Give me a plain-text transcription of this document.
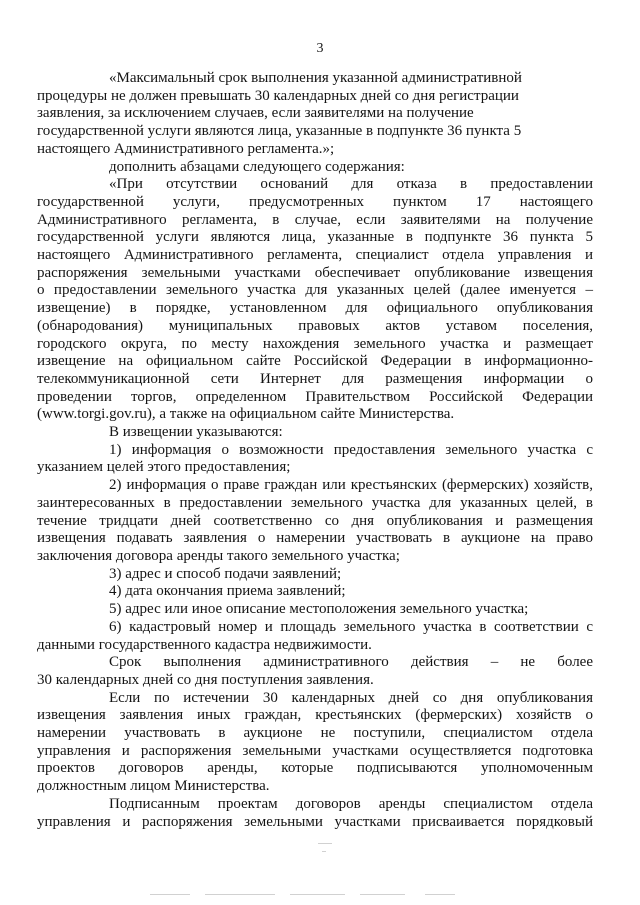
3

«Максимальный срок выполнения указанной административной
процедуры не должен превышать 30 календарных дней со дня регистрации
заявления, за исключением случаев, если заявителями на получение
государственной услуги являются лица, указанные в подпункте 36 пункта 5
настоящего Административного регламента.»;

дополнить абзацами следующего содержания:

«При отсутствии оснований для отказа в предоставлении
государственной услуги, предусмотренных пунктом 17 настоящего
Административного регламента, в случае, если заявителями на получение
государственной услуги являются лица, указанные в подпункте 36 пункта 5
настоящего Административного регламента, специалист отдела управления и
распоряжения земельными участками обеспечивает опубликование извещения
о предоставлении земельного участка для указанных целей (далее именуется –
извещение) в порядке, установленном для официального опубликования
(обнародования) муниципальных правовых актов уставом поселения,
городского округа, по месту нахождения земельного участка и размещает
извещение на официальном сайте Российской Федерации в информационно-
телекоммуникационной сети Интернет для размещения информации о
проведении торгов, определенном Правительством Российской Федерации
(www.torgi.gov.ru), а также на официальном сайте Министерства.

В извещении указываются:

1) информация о возможности предоставления земельного участка с
указанием целей этого предоставления;

2) информация о праве граждан или крестьянских (фермерских) хозяйств,
заинтересованных в предоставлении земельного участка для указанных целей, в
течение тридцати дней соответственно со дня опубликования и размещения
извещения подавать заявления о намерении участвовать в аукционе на право
заключения договора аренды такого земельного участка;

3) адрес и способ подачи заявлений;

4) дата окончания приема заявлений;

5) адрес или иное описание местоположения земельного участка;

6) кадастровый номер и площадь земельного участка в соответствии с
данными государственного кадастра недвижимости.

Срок выполнения административного действия – не более
30 календарных дней со дня поступления заявления.

Если по истечении 30 календарных дней со дня опубликования
извещения заявления иных граждан, крестьянских (фермерских) хозяйств о
намерении участвовать в аукционе не поступили, специалистом отдела
управления и распоряжения земельными участками осуществляется подготовка
проектов договоров аренды, которые подписываются уполномоченным
должностным лицом Министерства.

Подписанным проектам договоров аренды специалистом отдела
управления и распоряжения земельными участками присваивается порядковый
